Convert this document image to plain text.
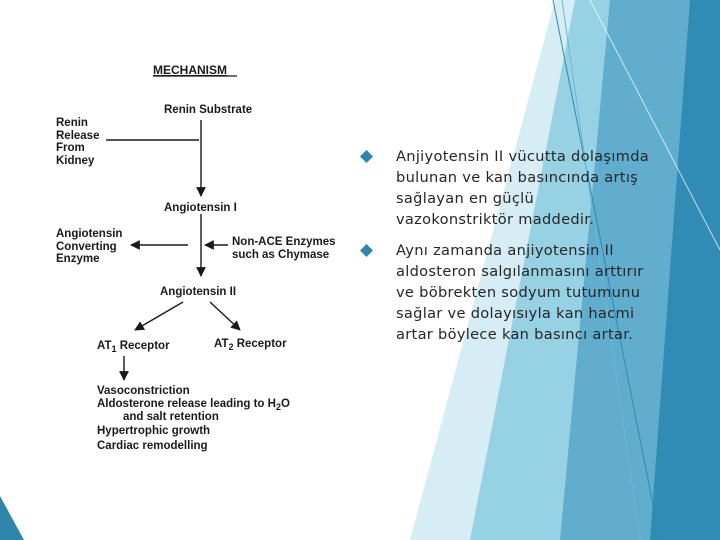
MECHANISM
Renin Substrate
Renin
Release
From
Kidney
Angiotensin I
Angiotensin
Converting
Enzyme
Non-ACE Enzymes
such as Chymase
Angiotensin II
$AT_1$ Receptor	$AT_2$ Receptor
Vasoconstriction
Aldosterone release leading to $H_2O$
and salt retention
Hypertrophic growth
Cardiac remodelling
Anjiyotensin II vücutta dolaşımda bulunan ve kan basıncında artış sağlayan en güçlü vazokonstriktör maddedir.
Aynı zamanda anjiyotensin II aldosteron salgılanmasını arttırır ve böbrekten sodyum tutumunu sağlar ve dolayısıyla kan hacmi artar böylece kan basıncı artar.
